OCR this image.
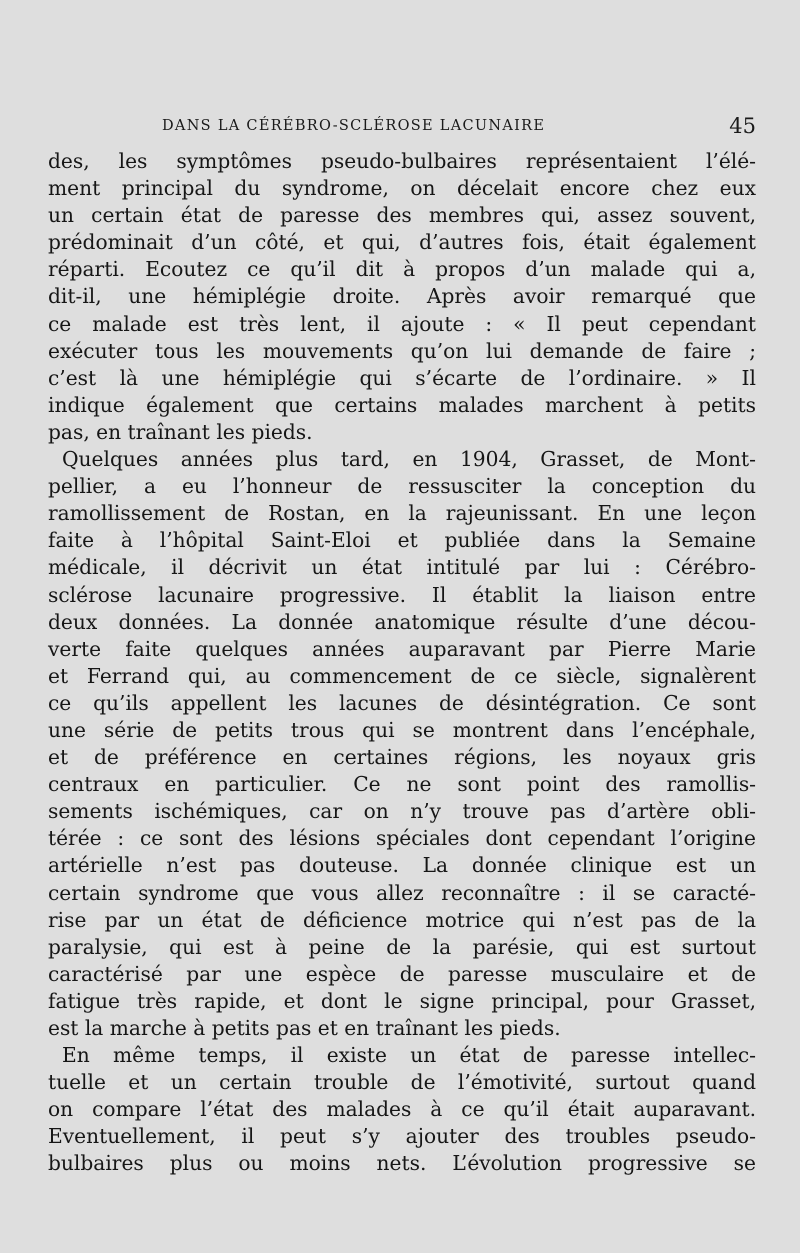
DANS LA CÉRÉBRO-SCLÉROSE LACUNAIRE	45
des, les symptômes pseudo-bulbaires représentaient l’élé-
ment principal du syndrome, on décelait encore chez eux
un certain état de paresse des membres qui, assez souvent,
prédominait d’un côté, et qui, d’autres fois, était également
réparti. Ecoutez ce qu’il dit à propos d’un malade qui a,
dit-il, une hémiplégie droite. Après avoir remarqué que
ce malade est très lent, il ajoute : « Il peut cependant
exécuter tous les mouvements qu’on lui demande de faire ;
c’est là une hémiplégie qui s’écarte de l’ordinaire. » Il
indique également que certains malades marchent à petits
pas, en traînant les pieds.
Quelques années plus tard, en 1904, Grasset, de Mont-
pellier, a eu l’honneur de ressusciter la conception du
ramollissement de Rostan, en la rajeunissant. En une leçon
faite à l’hôpital Saint-Eloi et publiée dans la Semaine
médicale, il décrivit un état intitulé par lui : Cérébro-
sclérose lacunaire progressive. Il établit la liaison entre
deux données. La donnée anatomique résulte d’une décou-
verte faite quelques années auparavant par Pierre Marie
et Ferrand qui, au commencement de ce siècle, signalèrent
ce qu’ils appellent les lacunes de désintégration. Ce sont
une série de petits trous qui se montrent dans l’encéphale,
et de préférence en certaines régions, les noyaux gris
centraux en particulier. Ce ne sont point des ramollis-
sements ischémiques, car on n’y trouve pas d’artère obli-
térée : ce sont des lésions spéciales dont cependant l’origine
artérielle n’est pas douteuse. La donnée clinique est un
certain syndrome que vous allez reconnaître : il se caracté-
rise par un état de déficience motrice qui n’est pas de la
paralysie, qui est à peine de la parésie, qui est surtout
caractérisé par une espèce de paresse musculaire et de
fatigue très rapide, et dont le signe principal, pour Grasset,
est la marche à petits pas et en traînant les pieds.
En même temps, il existe un état de paresse intellec-
tuelle et un certain trouble de l’émotivité, surtout quand
on compare l’état des malades à ce qu’il était auparavant.
Eventuellement, il peut s’y ajouter des troubles pseudo-
bulbaires plus ou moins nets. L’évolution progressive se
